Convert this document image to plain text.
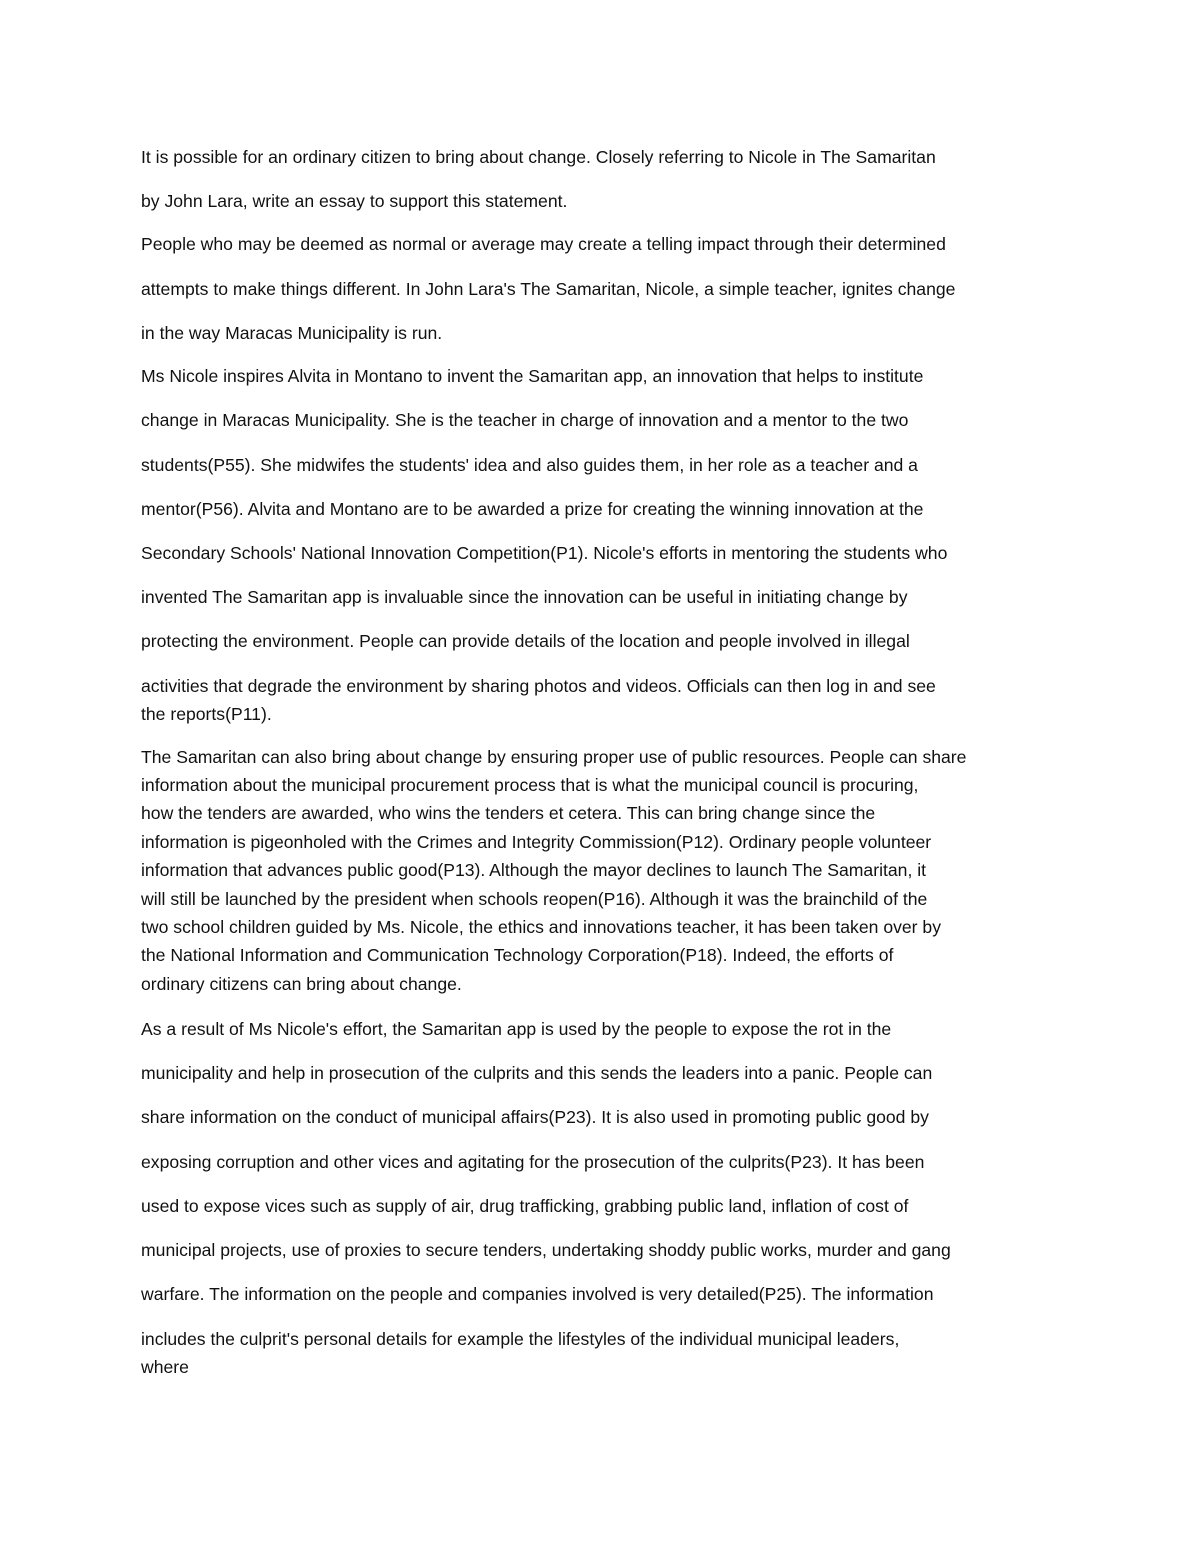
It is possible for an ordinary citizen to bring about change. Closely referring to Nicole in The Samaritan

by John Lara, write an essay to support this statement.

People who may be deemed as normal or average may create a telling impact through their determined

attempts to make things different. In John Lara's The Samaritan, Nicole, a simple teacher, ignites change

in the way Maracas Municipality is run.

Ms Nicole inspires Alvita in Montano to invent the Samaritan app, an innovation that helps to institute

change in Maracas Municipality. She is the teacher in charge of innovation and a mentor to the two

students(P55). She midwifes the students' idea and also guides them, in her role as a teacher and a

mentor(P56). Alvita and Montano are to be awarded a prize for creating the winning innovation at the

Secondary Schools' National Innovation Competition(P1). Nicole's efforts in mentoring the students who

invented The Samaritan app is invaluable since the innovation can be useful in initiating change by

protecting the environment. People can provide details of the location and people involved in illegal

activities that degrade the environment by sharing photos and videos. Officials can then log in and see

the reports(P11).

The Samaritan can also bring about change by ensuring proper use of public resources. People can share

information about the municipal procurement process that is what the municipal council is procuring,

how the tenders are awarded, who wins the tenders et cetera. This can bring change since the

information is pigeonholed with the Crimes and Integrity Commission(P12). Ordinary people volunteer

information that advances public good(P13). Although the mayor declines to launch The Samaritan, it

will still be launched by the president when schools reopen(P16). Although it was the brainchild of the

two school children guided by Ms. Nicole, the ethics and innovations teacher, it has been taken over by

the National Information and Communication Technology Corporation(P18). Indeed, the efforts of

ordinary citizens can bring about change.

As a result of Ms Nicole's effort, the Samaritan app is used by the people to expose the rot in the

municipality and help in prosecution of the culprits and this sends the leaders into a panic. People can

share information on the conduct of municipal affairs(P23). It is also used in promoting public good by

exposing corruption and other vices and agitating for the prosecution of the culprits(P23). It has been

used to expose vices such as supply of air, drug trafficking, grabbing public land, inflation of cost of

municipal projects, use of proxies to secure tenders, undertaking shoddy public works, murder and gang

warfare. The information on the people and companies involved is very detailed(P25). The information

includes the culprit's personal details for example the lifestyles of the individual municipal leaders,

where
